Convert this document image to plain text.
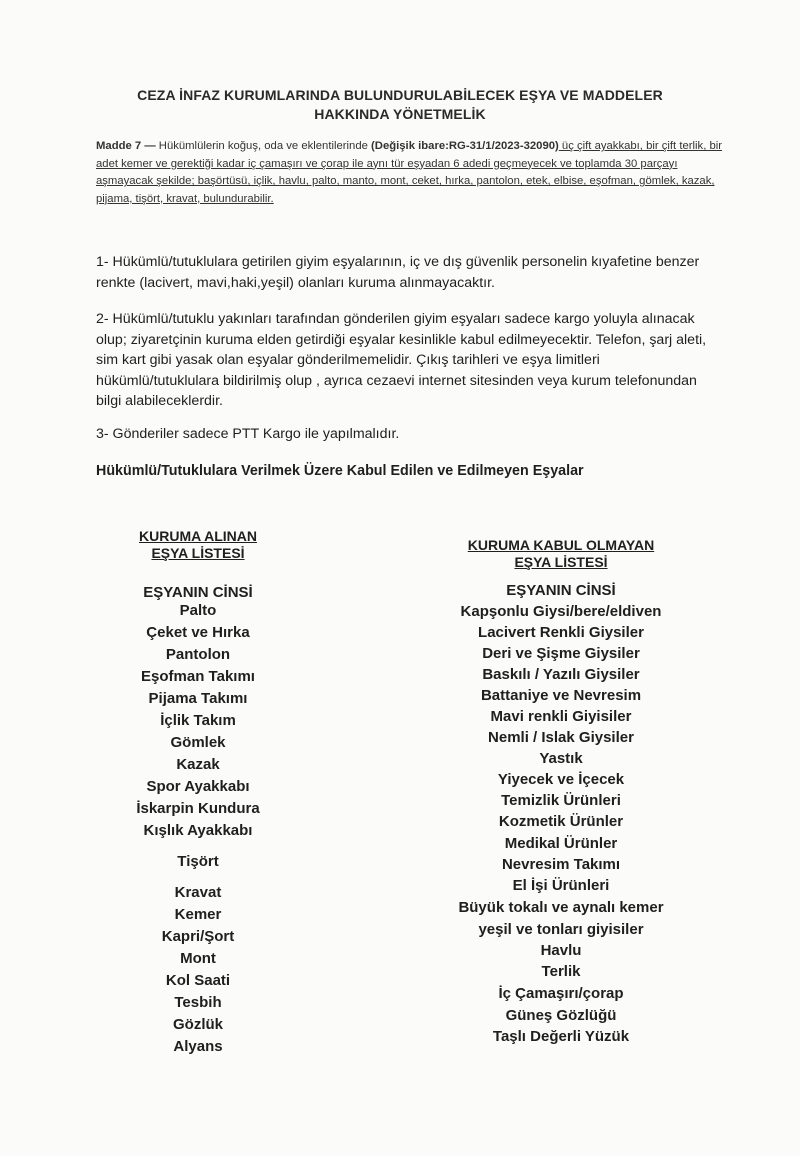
CEZA İNFAZ KURUMLARINDA BULUNDURULABİLECEK EŞYA VE MADDELER
HAKKINDA YÖNETMELİK
Madde 7 — Hükümlülerin koğuş, oda ve eklentilerinde (Değişik ibare:RG-31/1/2023-32090) üç çift ayakkabı, bir çift terlik, bir adet kemer ve gerektiği kadar iç çamaşırı ve çorap ile aynı tür eşyadan 6 adedi geçmeyecek ve toplamda 30 parçayı aşmayacak şekilde; başörtüsü, içlik, havlu, palto, manto, mont, ceket, hırka, pantolon, etek, elbise, eşofman, gömlek, kazak, pijama, tişört, kravat, bulundurabilir.
1- Hükümlü/tutuklulara getirilen giyim eşyalarının, iç ve dış güvenlik personelin kıyafetine benzer renkte (lacivert, mavi,haki,yeşil) olanları kuruma alınmayacaktır.
2- Hükümlü/tutuklu yakınları tarafından gönderilen giyim eşyaları sadece kargo yoluyla alınacak olup; ziyaretçinin kuruma elden getirdiği eşyalar kesinlikle kabul edilmeyecektir. Telefon, şarj aleti, sim kart gibi yasak olan eşyalar gönderilmemelidir. Çıkış tarihleri ve eşya limitleri hükümlü/tutuklulara bildirilmiş olup , ayrıca cezaevi internet sitesinden veya kurum telefonundan bilgi alabileceklerdir.
3- Gönderiler sadece PTT Kargo ile yapılmalıdır.
Hükümlü/Tutuklulara Verilmek Üzere Kabul Edilen ve Edilmeyen Eşyalar
KURUMA ALINAN
EŞYA LİSTESİ
EŞYANIN CİNSİ
Palto
Çeket ve Hırka
Pantolon
Eşofman Takımı
Pijama Takımı
İçlik Takım
Gömlek
Kazak
Spor Ayakkabı
İskarpin Kundura
Kışlık Ayakkabı
Tişört
Kravat
Kemer
Kapri/Şort
Mont
Kol Saati
Tesbih
Gözlük
Alyans
KURUMA KABUL OLMAYAN
EŞYA LİSTESİ
EŞYANIN CİNSİ
Kapşonlu Giysi/bere/eldiven
Lacivert Renkli Giysiler
Deri ve Şişme Giysiler
Baskılı / Yazılı Giysiler
Battaniye ve Nevresim
Mavi renkli Giyisiler
Nemli / Islak Giysiler
Yastık
Yiyecek ve İçecek
Temizlik Ürünleri
Kozmetik Ürünler
Medikal Ürünler
Nevresim Takımı
El İşi Ürünleri
Büyük tokalı ve aynalı kemer
yeşil ve tonları giyisiler
Havlu
Terlik
İç Çamaşırı/çorap
Güneş Gözlüğü
Taşlı Değerli Yüzük
